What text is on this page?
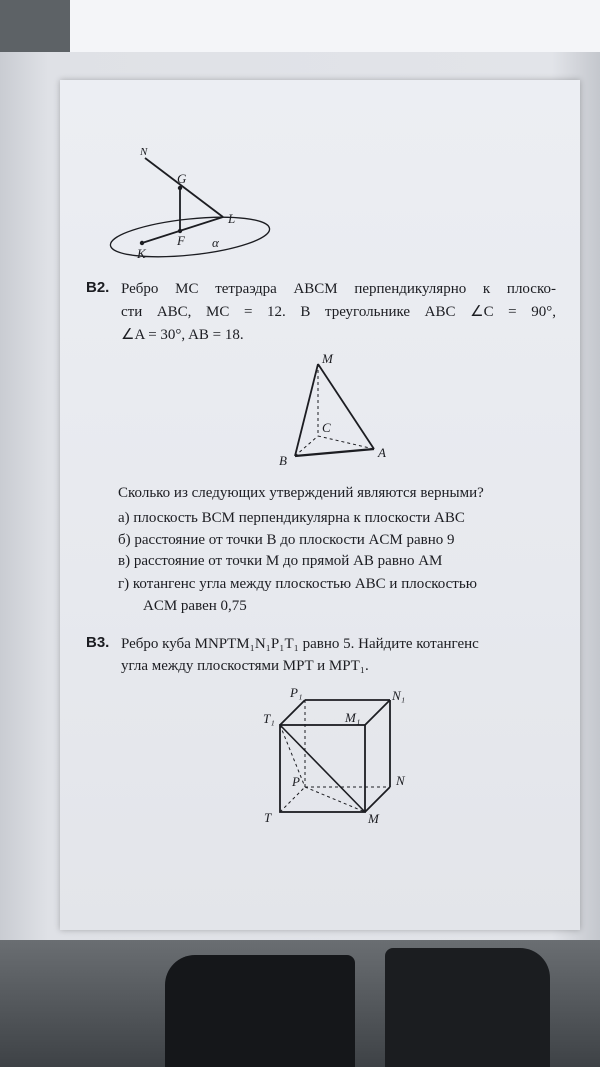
N
G
L
F
K
α
B2. Ребро MC тетраэдра ABCM перпендикулярно к плоско-
сти ABC, MC = 12. В треугольнике ABC ∠C = 90°,
∠A = 30°, AB = 18.
M
C
B
A
Сколько из следующих утверждений являются верными?
а) плоскость BCM перпендикулярна к плоскости ABC
б) расстояние от точки B до плоскости ACM равно 9
в) расстояние от точки M до прямой AB равно AM
г) котангенс угла между плоскостью ABC и плоскостью
ACM равен 0,75
B3. Ребро куба MNPTM₁N₁P₁T₁ равно 5. Найдите котангенс
угла между плоскостями MPT и MPT₁.
P₁	N₁
T₁	M₁
P	N
T	M
